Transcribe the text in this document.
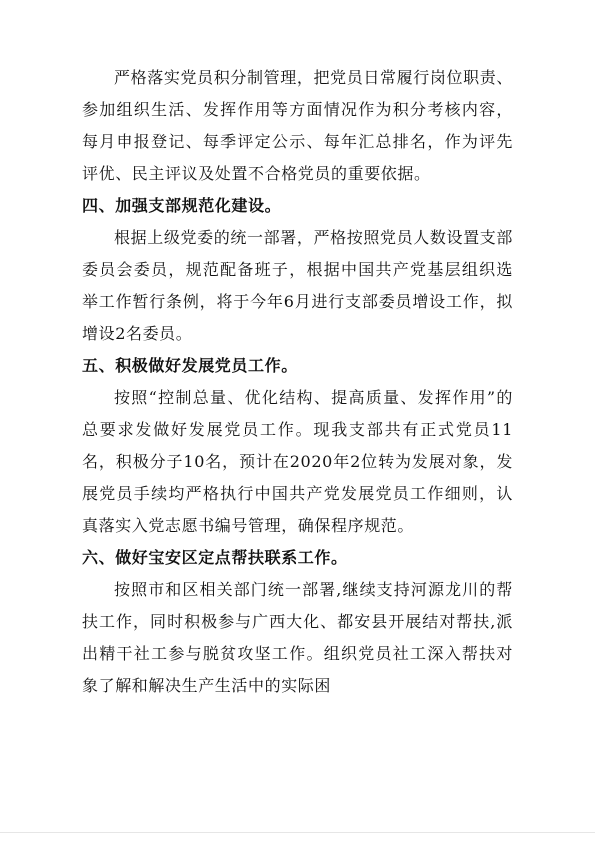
严格落实党员积分制管理，把党员日常履行岗位职责、参加组织生活、发挥作用等方面情况作为积分考核内容，每月申报登记、每季评定公示、每年汇总排名，作为评先评优、民主评议及处置不合格党员的重要依据。

四、加强支部规范化建设。

根据上级党委的统一部署，严格按照党员人数设置支部委员会委员，规范配备班子，根据中国共产党基层组织选举工作暂行条例，将于今年6月进行支部委员增设工作，拟增设2名委员。

五、积极做好发展党员工作。

按照“控制总量、优化结构、提高质量、发挥作用”的总要求发做好发展党员工作。现我支部共有正式党员11名，积极分子10名，预计在2020年2位转为发展对象，发展党员手续均严格执行中国共产党发展党员工作细则，认真落实入党志愿书编号管理，确保程序规范。

六、做好宝安区定点帮扶联系工作。

按照市和区相关部门统一部署,继续支持河源龙川的帮扶工作，同时积极参与广西大化、都安县开展结对帮扶,派出精干社工参与脱贫攻坚工作。组织党员社工深入帮扶对象了解和解决生产生活中的实际困
